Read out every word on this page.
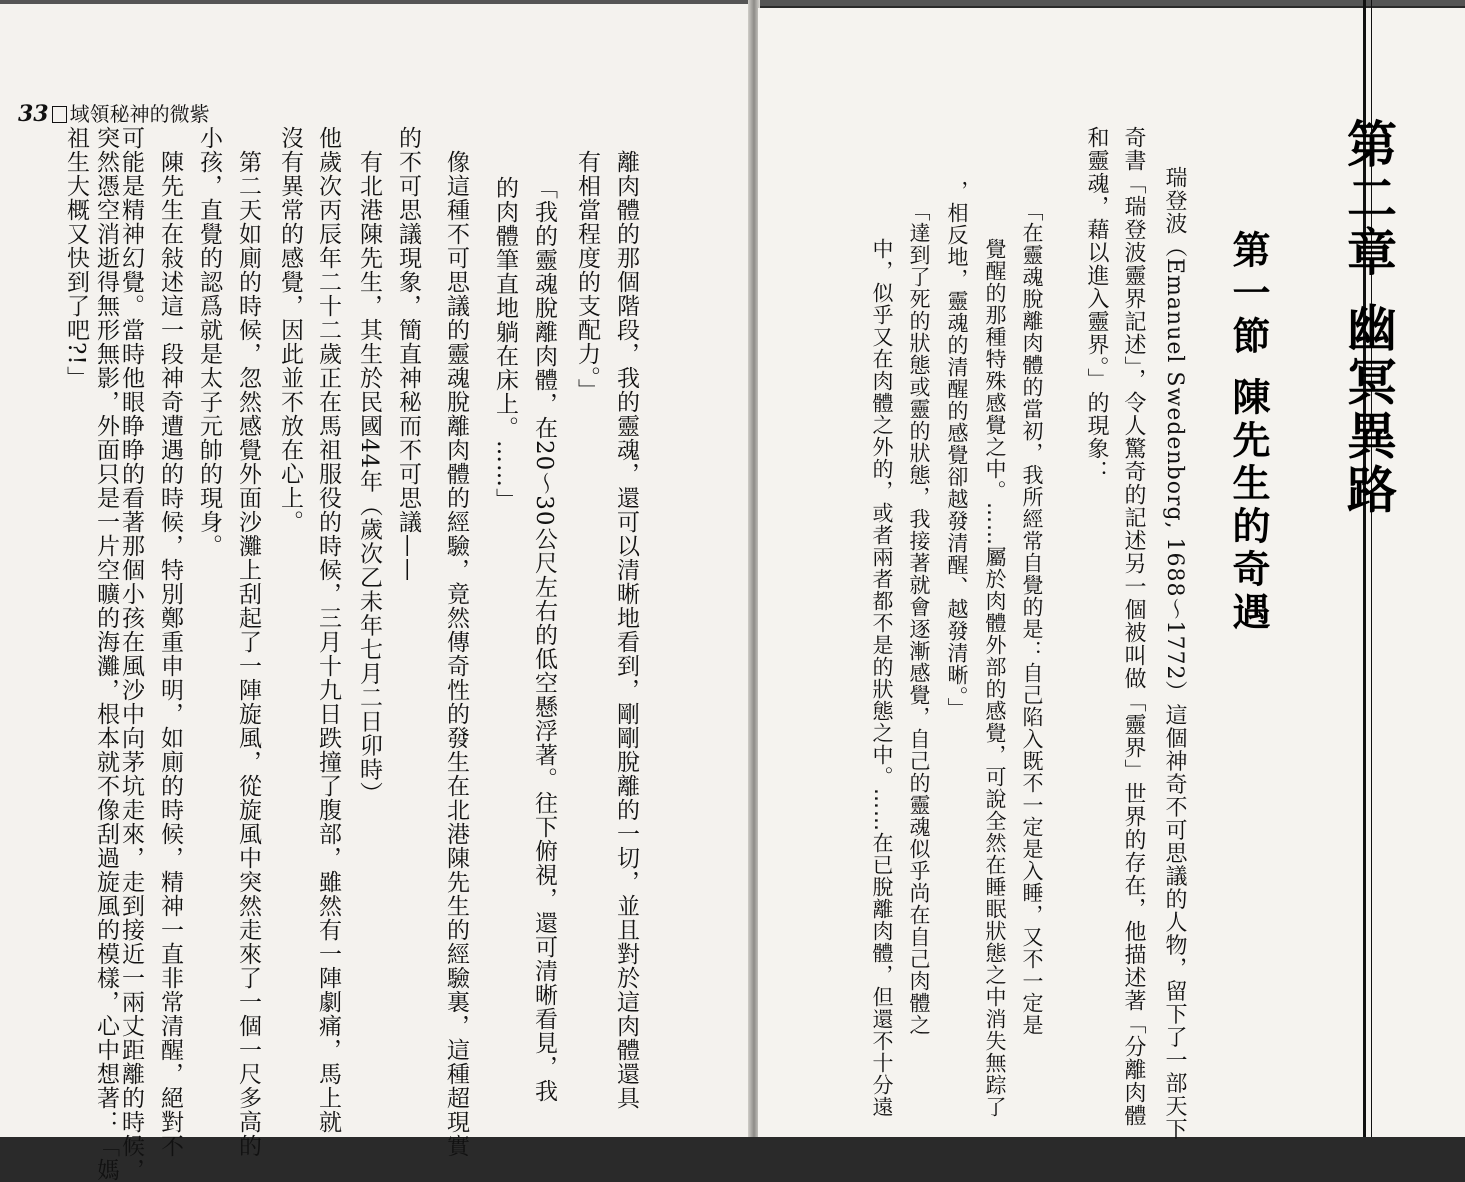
33 域領秘神的微紫
離肉體的那個階段，我的靈魂，還可以清晰地看到，剛剛脫離的一切，並且對於這肉體還具
有相當程度的支配力。」
「我的靈魂脫離肉體，在20～30公尺左右的低空懸浮著。往下俯視，還可清晰看見，我
的肉體筆直地躺在床上。……」
像這種不可思議的靈魂脫離肉體的經驗，竟然傳奇性的發生在北港陳先生的經驗裏，這種超現實
的不可思議現象，簡直神秘而不可思議——
有北港陳先生，其生於民國44年（歲次乙未年七月二日卯時）
他歲次丙辰年二十二歲正在馬祖服役的時候，三月十九日跌撞了腹部，雖然有一陣劇痛，馬上就
沒有異常的感覺，因此並不放在心上。
第二天如廁的時候，忽然感覺外面沙灘上刮起了一陣旋風，從旋風中突然走來了一個一尺多高的
小孩，直覺的認爲就是太子元帥的現身。
陳先生在敍述這一段神奇遭遇的時候，特別鄭重申明，如廁的時候，精神一直非常清醒，絕對不
可能是精神幻覺。當時他眼睁睁的看著那個小孩在風沙中向茅坑走來，走到接近一兩丈距離的時候，
突然憑空消逝得無形無影，外面只是一片空曠的海灘，根本就不像刮過旋風的模樣，心中想著：「媽
祖生大概又快到了吧?!」	第二章 幽冥異路
第一節 陳先生的奇遇
瑞登波（Emanuel Swedenborg, 1688～1772）這個神奇不可思議的人物，留下了一部天下
奇書「瑞登波靈界記述」，令人驚奇的記述另一個被叫做「靈界」世界的存在，他描述著「分離肉體
和靈魂，藉以進入靈界。」的現象：
「在靈魂脫離肉體的當初，我所經常自覺的是：自己陷入既不一定是入睡，又不一定是
覺醒的那種特殊感覺之中。……屬於肉體外部的感覺，可說全然在睡眠狀態之中消失無踪了
，相反地，靈魂的清醒的感覺卻越發清醒、越發清晰。」
「達到了死的狀態或靈的狀態，我接著就會逐漸感覺，自己的靈魂似乎尚在自己肉體之
中，似乎又在肉體之外的，或者兩者都不是的狀態之中。……在已脫離肉體，但還不十分遠
